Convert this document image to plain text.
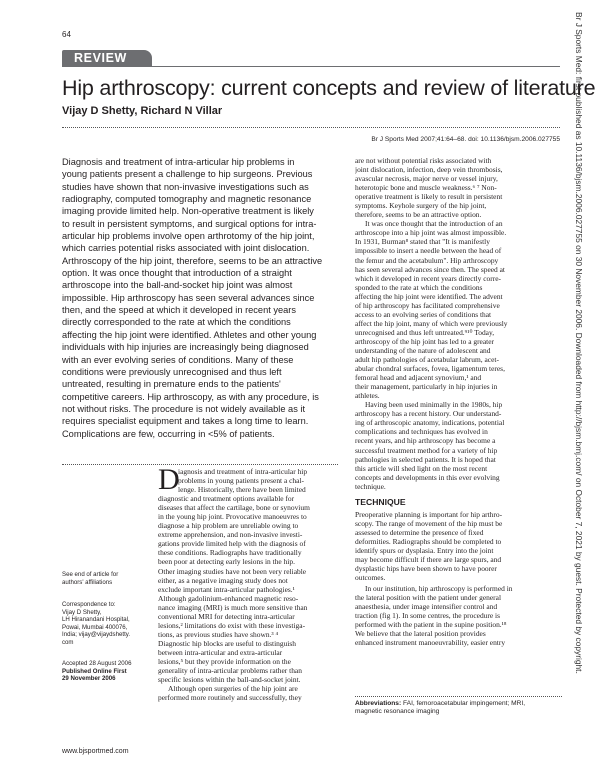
64	Br J Sports Med: first published as 10.1136/bjsm.2006.027755 on 30 November 2006. Downloaded from http://bjsm.bmj.com/ on October 7, 2021 by guest. Protected by copyright.
REVIEW
Hip arthroscopy: current concepts and review of literature
Vijay D Shetty, Richard N Villar
Br J Sports Med 2007;41:64–68. doi: 10.1136/bjsm.2006.027755
Diagnosis and treatment of intra-articular hip problems in
young patients present a challenge to hip surgeons. Previous
studies have shown that non-invasive investigations such as
radiography, computed tomography and magnetic resonance
imaging provide limited help. Non-operative treatment is likely
to result in persistent symptoms, and surgical options for intra-
articular hip problems involve open arthrotomy of the hip joint,
which carries potential risks associated with joint dislocation.
Arthroscopy of the hip joint, therefore, seems to be an attractive
option. It was once thought that introduction of a straight
arthroscope into the ball-and-socket hip joint was almost
impossible. Hip arthroscopy has seen several advances since
then, and the speed at which it developed in recent years
directly corresponded to the rate at which the conditions
affecting the hip joint were identified. Athletes and other young
individuals with hip injuries are increasingly being diagnosed
with an ever evolving series of conditions. Many of these
conditions were previously unrecognised and thus left
untreated, resulting in premature ends to the patients'
competitive careers. Hip arthroscopy, as with any procedure, is
not without risks. The procedure is not widely available as it
requires specialist equipment and takes a long time to learn.
Complications are few, occurring in <5% of patients.
See end of article for
authors' affiliations
Correspondence to:
Vijay D Shetty,
LH Hiranandani Hospital,
Powai, Mumbai 400076,
India; vijay@vijaydshetty.
com
Accepted 28 August 2006
Published Online First
29 November 2006
D
iagnosis and treatment of intra-articular hip
problems in young patients present a chal-
lenge. Historically, there have been limited
diagnostic and treatment options available for
diseases that affect the cartilage, bone or synovium
in the young hip joint. Provocative manoeuvres to
diagnose a hip problem are unreliable owing to
extreme apprehension, and non-invasive investi-
gations provide limited help with the diagnosis of
these conditions. Radiographs have traditionally
been poor at detecting early lesions in the hip.
Other imaging studies have not been very reliable
either, as a negative imaging study does not
exclude important intra-articular pathologies.¹
Although gadolinium-enhanced magnetic reso-
nance imaging (MRI) is much more sensitive than
conventional MRI for detecting intra-articular
lesions,² limitations do exist with these investiga-
tions, as previous studies have shown.³ ⁴
Diagnostic hip blocks are useful to distinguish
between intra-articular and extra-articular
lesions,⁵ but they provide information on the
generality of intra-articular problems rather than
specific lesions within the ball-and-socket joint.
Although open surgeries of the hip joint are
performed more routinely and successfully, they
are not without potential risks associated with
joint dislocation, infection, deep vein thrombosis,
avascular necrosis, major nerve or vessel injury,
heterotopic bone and muscle weakness.⁶ ⁷ Non-
operative treatment is likely to result in persistent
symptoms. Keyhole surgery of the hip joint,
therefore, seems to be an attractive option.
It was once thought that the introduction of an
arthroscope into a hip joint was almost impossible.
In 1931, Burman⁸ stated that "It is manifestly
impossible to insert a needle between the head of
the femur and the acetabulum". Hip arthroscopy
has seen several advances since then. The speed at
which it developed in recent years directly corre-
sponded to the rate at which the conditions
affecting the hip joint were identified. The advent
of hip arthroscopy has facilitated comprehensive
access to an evolving series of conditions that
affect the hip joint, many of which were previously
unrecognised and thus left untreated.⁹¹⁰ Today,
arthroscopy of the hip joint has led to a greater
understanding of the nature of adolescent and
adult hip pathologies of acetabular labrum, acet-
abular chondral surfaces, fovea, ligamentum teres,
femoral head and adjacent synovium,¹ and
their management, particularly in hip injuries in
athletes.
Having been used minimally in the 1980s, hip
arthroscopy has a recent history. Our understand-
ing of arthroscopic anatomy, indications, potential
complications and techniques has evolved in
recent years, and hip arthroscopy has become a
successful treatment method for a variety of hip
pathologies in selected patients. It is hoped that
this article will shed light on the most recent
concepts and developments in this ever evolving
technique.
TECHNIQUE
Preoperative planning is important for hip arthro-
scopy. The range of movement of the hip must be
assessed to determine the presence of fixed
deformities. Radiographs should be completed to
identify spurs or dysplasia. Entry into the joint
may become difficult if there are large spurs, and
dysplastic hips have been shown to have poorer
outcomes.
In our institution, hip arthroscopy is performed in
the lateral position with the patient under general
anaesthesia, under image intensifier control and
traction (fig 1). In some centres, the procedure is
performed with the patient in the supine position.¹⁸
We believe that the lateral position provides
enhanced instrument manoeuvrability, easier entry
Abbreviations: FAI, femoroacetabular impingement; MRI,
magnetic resonance imaging
www.bjsportmed.com
